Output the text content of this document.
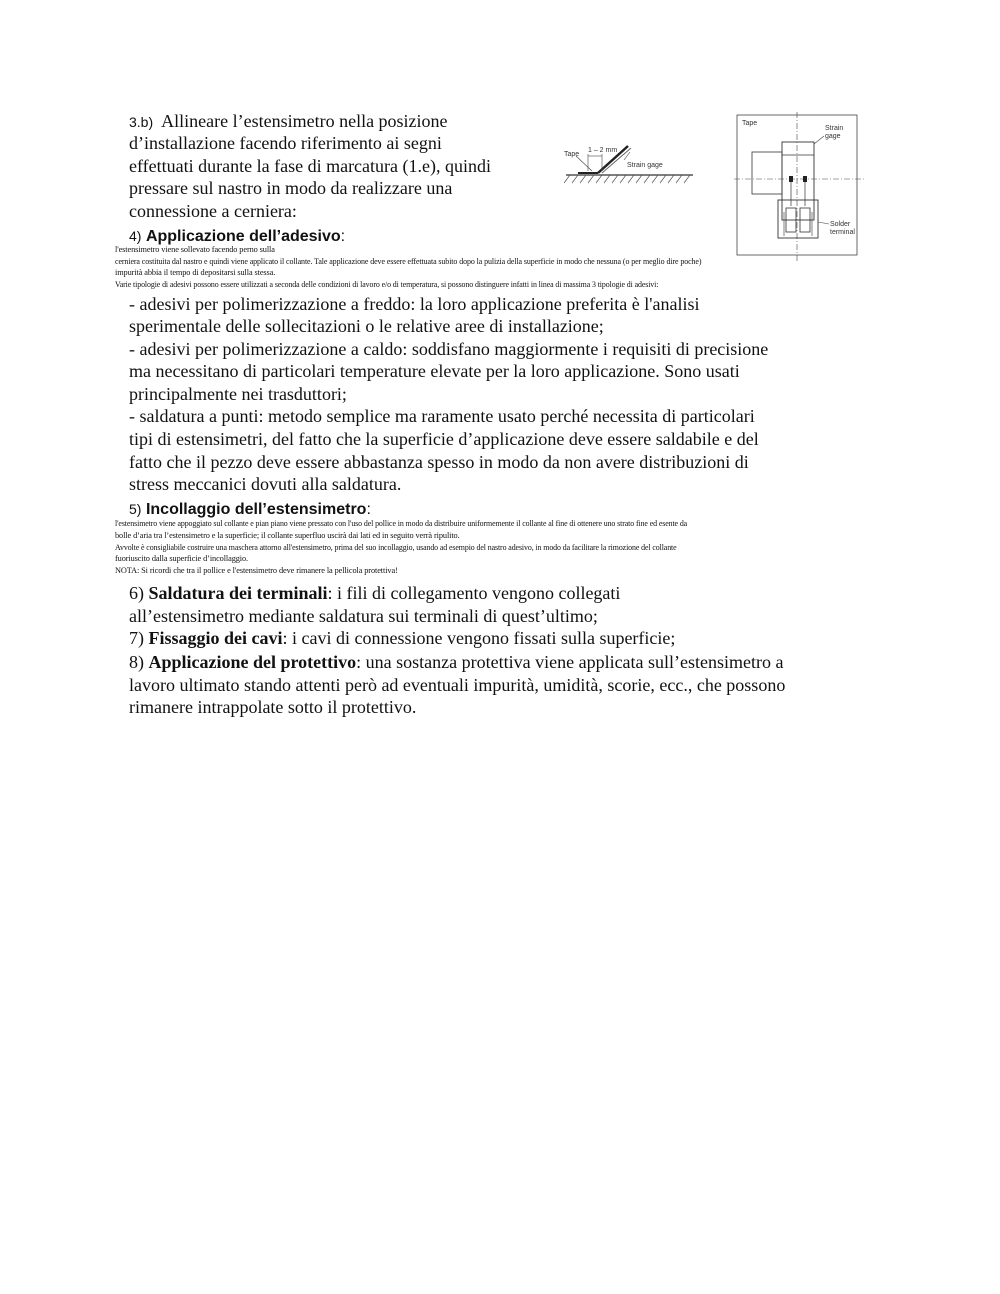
3.b) Allineare l’estensimetro nella posizione
d’installazione facendo riferimento ai segni
effettuati durante la fase di marcatura (1.e), quindi
pressare sul nastro in modo da realizzare una
connessione a cerniera:
Tape
1 – 2 mm
Strain gage
Tape
Strain
gage
Solder
terminal
4) Applicazione dell’adesivo:
l'estensimetro viene sollevato facendo perno sulla
cerniera costituita dal nastro e quindi viene applicato il collante. Tale applicazione deve essere effettuata subito dopo la pulizia della superficie in modo che nessuna (o per meglio dire poche)
impurità abbia il tempo di depositarsi sulla stessa.
Varie tipologie di adesivi possono essere utilizzati a seconda delle condizioni di lavoro e/o di temperatura, si possono distinguere infatti in linea di massima 3 tipologie di adesivi:
- adesivi per polimerizzazione a freddo: la loro applicazione preferita è l'analisi
sperimentale delle sollecitazioni o le relative aree di installazione;
- adesivi per polimerizzazione a caldo: soddisfano maggiormente i requisiti di precisione
ma necessitano di particolari temperature elevate per la loro applicazione. Sono usati
principalmente nei trasduttori;
- saldatura a punti: metodo semplice ma raramente usato perché necessita di particolari
tipi di estensimetri, del fatto che la superficie d’applicazione deve essere saldabile e del
fatto che il pezzo deve essere abbastanza spesso in modo da non avere distribuzioni di
stress meccanici dovuti alla saldatura.
5) Incollaggio dell’estensimetro:
l'estensimetro viene appoggiato sul collante e pian piano viene pressato con l'uso del pollice in modo da distribuire uniformemente il collante al fine di ottenere uno strato fine ed esente da
bolle d’aria tra l’estensimetro e la superficie; il collante superfluo uscirà dai lati ed in seguito verrà ripulito.
Avvolte è consigliabile costruire una maschera attorno all'estensimetro, prima del suo incollaggio, usando ad esempio del nastro adesivo, in modo da facilitare la rimozione del collante
fuoriuscito dalla superficie d’incollaggio.
NOTA: Si ricordi che tra il pollice e l'estensimetro deve rimanere la pellicola protettiva!
6) Saldatura dei terminali: i fili di collegamento vengono collegati
all’estensimetro mediante saldatura sui terminali di quest’ultimo;
7) Fissaggio dei cavi: i cavi di connessione vengono fissati sulla superficie;
8) Applicazione del protettivo: una sostanza protettiva viene applicata sull’estensimetro a
lavoro ultimato stando attenti però ad eventuali impurità, umidità, scorie, ecc., che possono
rimanere intrappolate sotto il protettivo.
